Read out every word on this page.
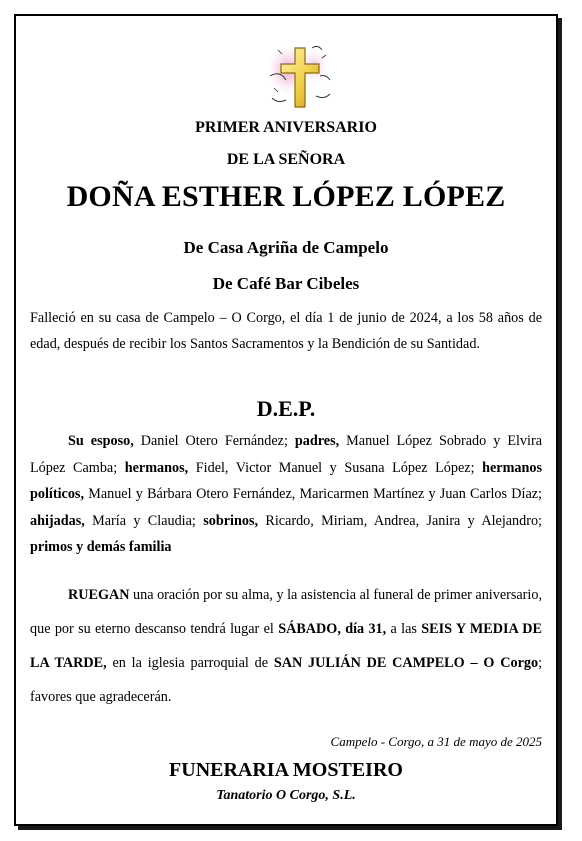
PRIMER ANIVERSARIO
DE LA SEÑORA
DOÑA ESTHER LÓPEZ LÓPEZ
De Casa Agriña de Campelo
De Café Bar Cibeles
Falleció en su casa de Campelo – O Corgo, el día 1 de junio de 2024, a los 58 años de edad, después de recibir los Santos Sacramentos y la Bendición de su Santidad.
D.E.P.
Su esposo, Daniel Otero Fernández; padres, Manuel López Sobrado y Elvira López Camba; hermanos, Fidel, Victor Manuel y Susana López López; hermanos políticos, Manuel y Bárbara Otero Fernández, Maricarmen Martínez y Juan Carlos Díaz; ahijadas, María y Claudia; sobrinos, Ricardo, Miriam, Andrea, Janira y Alejandro; primos y demás familia
RUEGAN una oración por su alma, y la asistencia al funeral de primer aniversario, que por su eterno descanso tendrá lugar el SÁBADO, día 31, a las SEIS Y MEDIA DE LA TARDE, en la iglesia parroquial de SAN JULIÁN DE CAMPELO – O Corgo; favores que agradecerán.
Campelo - Corgo, a 31 de mayo de 2025
FUNERARIA MOSTEIRO
Tanatorio O Corgo, S.L.
